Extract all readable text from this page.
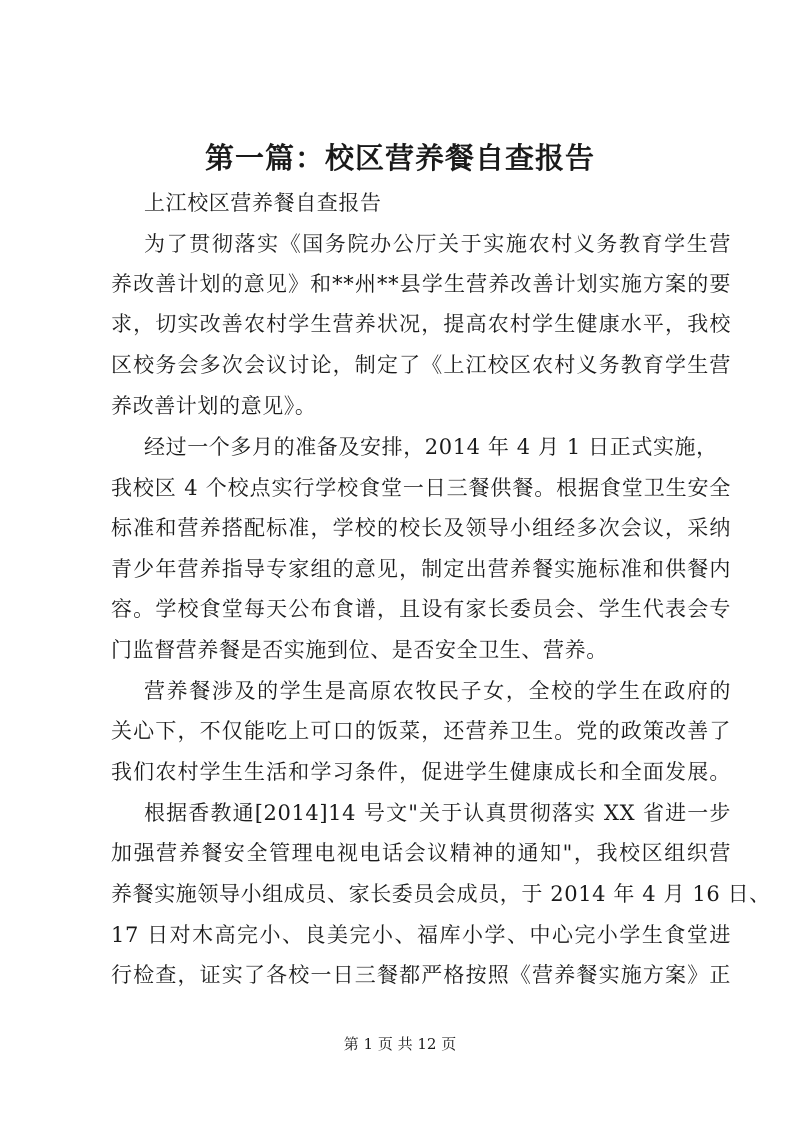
第一篇：校区营养餐自查报告
上江校区营养餐自查报告
为了贯彻落实《国务院办公厅关于实施农村义务教育学生营
养改善计划的意见》和**州**县学生营养改善计划实施方案的要
求，切实改善农村学生营养状况，提高农村学生健康水平，我校
区校务会多次会议讨论，制定了《上江校区农村义务教育学生营
养改善计划的意见》。
经过一个多月的准备及安排，2014 年 4 月 1 日正式实施，
我校区 4 个校点实行学校食堂一日三餐供餐。根据食堂卫生安全
标准和营养搭配标准，学校的校长及领导小组经多次会议，采纳
青少年营养指导专家组的意见，制定出营养餐实施标准和供餐内
容。学校食堂每天公布食谱，且设有家长委员会、学生代表会专
门监督营养餐是否实施到位、是否安全卫生、营养。
营养餐涉及的学生是高原农牧民子女，全校的学生在政府的
关心下，不仅能吃上可口的饭菜，还营养卫生。党的政策改善了
我们农村学生生活和学习条件，促进学生健康成长和全面发展。
根据香教通[2014]14 号文"关于认真贯彻落实 XX 省进一步
加强营养餐安全管理电视电话会议精神的通知"，我校区组织营
养餐实施领导小组成员、家长委员会成员，于 2014 年 4 月 16 日、
17 日对木高完小、良美完小、福库小学、中心完小学生食堂进
行检查，证实了各校一日三餐都严格按照《营养餐实施方案》正
第 1 页 共 12 页
